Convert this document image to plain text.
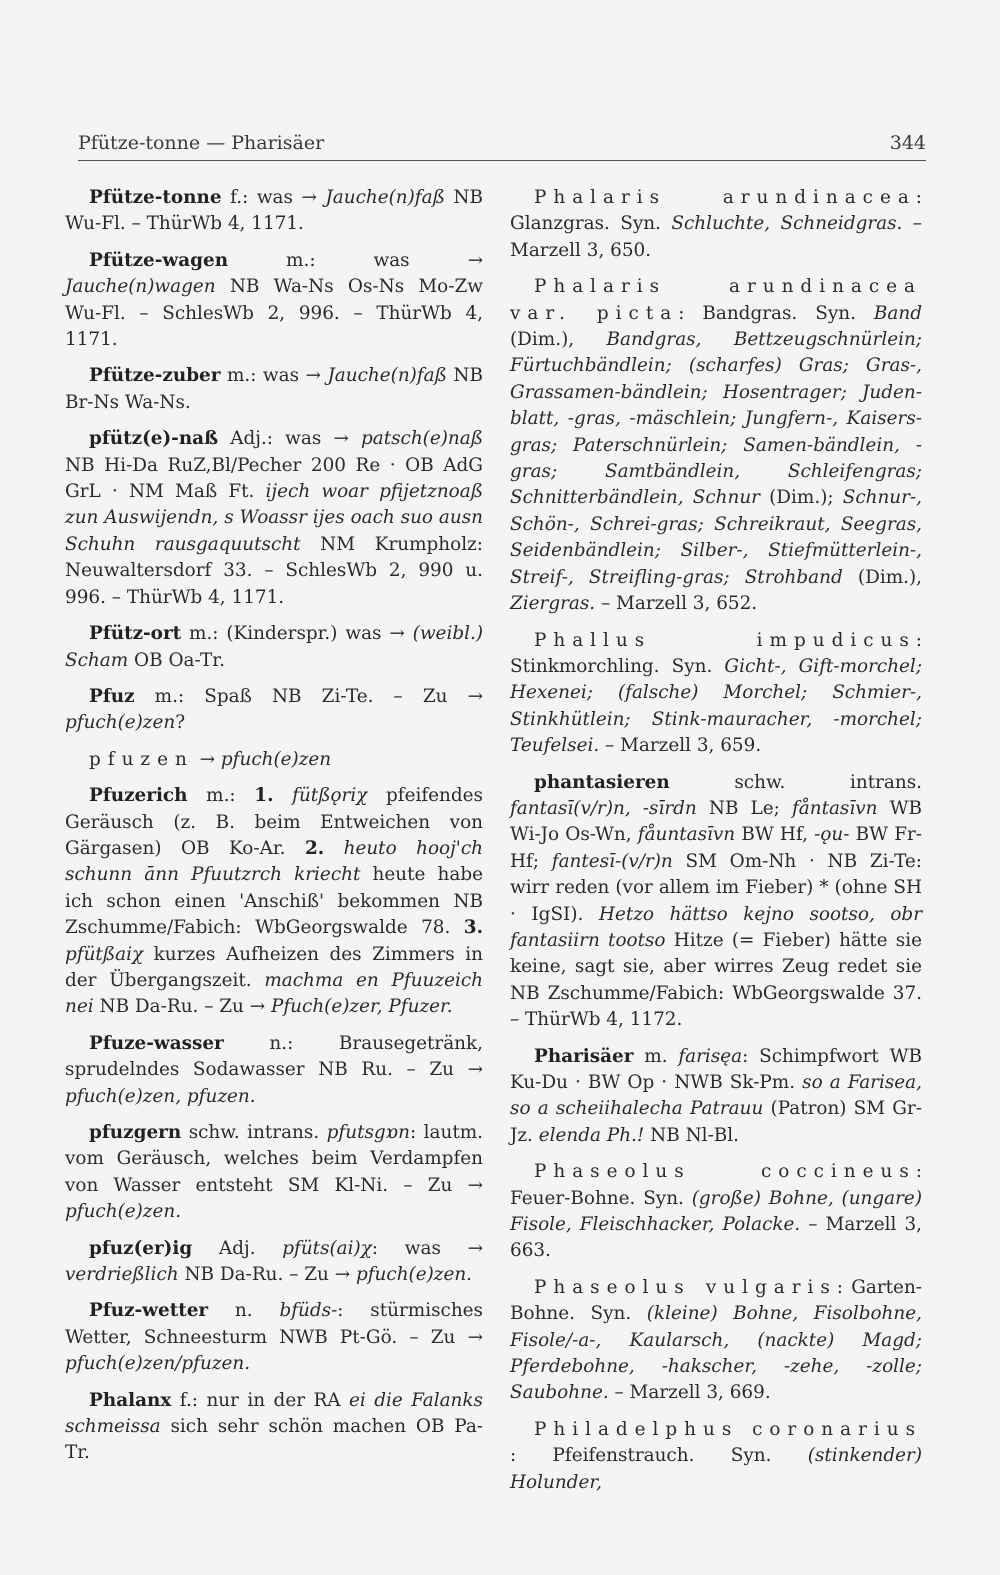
Pfütze-tonne — Pharisäer	344

Pfütze-tonne f.: was → Jauche(n)faß NB Wu-Fl. – ThürWb 4, 1171.

Pfütze-wagen m.: was → Jauche(n)wagen NB Wa-Ns Os-Ns Mo-Zw Wu-Fl. – SchlesWb 2, 996. – ThürWb 4, 1171.

Pfütze-zuber m.: was → Jauche(n)faß NB Br-Ns Wa-Ns.

pfütz(e)-naß Adj.: was → patsch(e)naß NB Hi-Da RuZ,Bl/Pecher 200 Re · OB AdG GrL · NM Maß Ft. ijech woar pfijetznoaß zun Auswijendn, s Woassr ijes oach suo ausn Schuhn rausgaquutscht NM Krumpholz: Neuwaltersdorf 33. – SchlesWb 2, 990 u. 996. – ThürWb 4, 1171.

Pfütz-ort m.: (Kinderspr.) was → (weibl.) Scham OB Oa-Tr.

Pfuz m.: Spaß NB Zi-Te. – Zu → pfuch(e)zen?

pfuzen → pfuch(e)zen

Pfuzerich m.: 1. fütßǫriχ pfeifendes Geräusch (z. B. beim Entweichen von Gärgasen) OB Ko-Ar. 2. heuto hooj'ch schunn ānn Pfuutzrch kriecht heute habe ich schon einen 'Anschiß' bekommen NB Zschumme/Fabich: WbGeorgswalde 78. 3. pfütßaiχ kurzes Aufheizen des Zimmers in der Übergangszeit. machma en Pfuuzeich nei NB Da-Ru. – Zu → Pfuch(e)zer, Pfuzer.

Pfuze-wasser n.: Brausegetränk, sprudelndes Sodawasser NB Ru. – Zu → pfuch(e)zen, pfuzen.

pfuzgern schw. intrans. pfutsgɒn: lautm. vom Geräusch, welches beim Verdampfen von Wasser entsteht SM Kl-Ni. – Zu → pfuch(e)zen.

pfuz(er)ig Adj. pfüts(ai)χ: was → verdrießlich NB Da-Ru. – Zu → pfuch(e)zen.

Pfuz-wetter n. bfüds-: stürmisches Wetter, Schneesturm NWB Pt-Gö. – Zu → pfuch(e)zen/pfuzen.

Phalanx f.: nur in der RA ei die Falanks schmeissa sich sehr schön machen OB Pa-Tr.

Phalaris arundinacea: Glanzgras. Syn. Schluchte, Schneidgras. – Marzell 3, 650.

Phalaris arundinacea var. picta: Bandgras. Syn. Band (Dim.), Bandgras, Bettzeugschnürlein; Fürtuchbändlein; (scharfes) Gras; Gras-, Grassamen-bändlein; Hosentrager; Juden-blatt, -gras, -mäschlein; Jungfern-, Kaisers-gras; Paterschnürlein; Samen-bändlein, -gras; Samtbändlein, Schleifengras; Schnitterbändlein, Schnur (Dim.); Schnur-, Schön-, Schrei-gras; Schreikraut, Seegras, Seidenbändlein; Silber-, Stiefmütterlein-, Streif-, Streifling-gras; Strohband (Dim.), Ziergras. – Marzell 3, 652.

Phallus impudicus: Stinkmorchling. Syn. Gicht-, Gift-morchel; Hexenei; (falsche) Morchel; Schmier-, Stinkhütlein; Stink-mauracher, -morchel; Teufelsei. – Marzell 3, 659.

phantasieren schw. intrans. fantasī(v/r)n, -sīrdn NB Le; fåntasīvn WB Wi-Jo Os-Wn, fåuntasīvn BW Hf, -ǫu- BW Fr-Hf; fantesī-(v/r)n SM Om-Nh · NB Zi-Te: wirr reden (vor allem im Fieber) * (ohne SH · IgSI). Hetzo hättso kejno sootso, obr fantasiirn tootso Hitze (= Fieber) hätte sie keine, sagt sie, aber wirres Zeug redet sie NB Zschumme/Fabich: WbGeorgswalde 37. – ThürWb 4, 1172.

Pharisäer m. farisęa: Schimpfwort WB Ku-Du · BW Op · NWB Sk-Pm. so a Farisea, so a scheiihalecha Patrauu (Patron) SM Gr-Jz. elenda Ph.! NB Nl-Bl.

Phaseolus coccineus: Feuer-Bohne. Syn. (große) Bohne, (ungare) Fisole, Fleischhacker, Polacke. – Marzell 3, 663.

Phaseolus vulgaris: Garten-Bohne. Syn. (kleine) Bohne, Fisolbohne, Fisole/-a-, Kaularsch, (nackte) Magd; Pferdebohne, -hakscher, -zehe, -zolle; Saubohne. – Marzell 3, 669.

Philadelphus coronarius : Pfeifenstrauch. Syn. (stinkender) Holunder,
